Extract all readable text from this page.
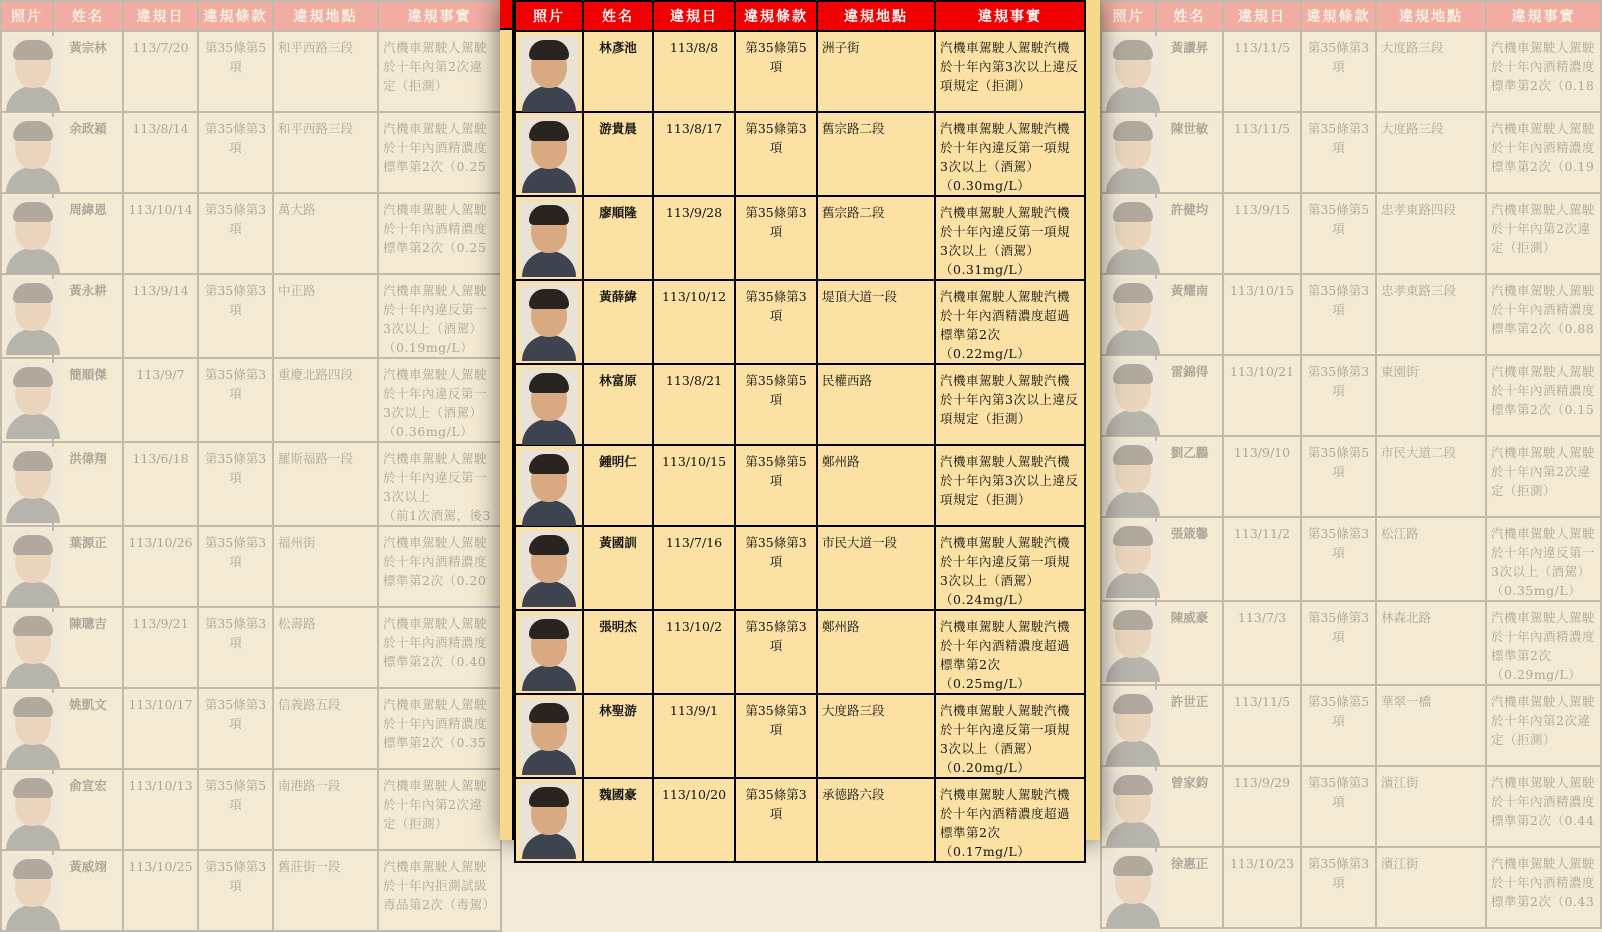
照片	姓名	違規日	違規條款	違規地點	違規事實

	黃宗林	113/7/20	第35條第5項	和平西路三段	汽機車駕駛人駕駛
於十年內第2次違
定（拒測）

	余政潁	113/8/14	第35條第3項	和平西路三段	汽機車駕駛人駕駛
於十年內酒精濃度
標準第2次（0.25

	周緯恩	113/10/14	第35條第3項	萬大路	汽機車駕駛人駕駛
於十年內酒精濃度
標準第2次（0.25

	黃永耕	113/9/14	第35條第3項	中正路	汽機車駕駛人駕駛
於十年內違反第一
3次以上（酒駕）
（0.19mg/L）

	簡順傑	113/9/7	第35條第3項	重慶北路四段	汽機車駕駛人駕駛
於十年內違反第一
3次以上（酒駕）
（0.36mg/L）

	洪偉翔	113/6/18	第35條第3項	羅斯福路一段	汽機車駕駛人駕駛
於十年內違反第一
3次以上
（前1次酒駕，後3

	葉源正	113/10/26	第35條第3項	福州街	汽機車駕駛人駕駛
於十年內酒精濃度
標準第2次（0.20

	陳聰吉	113/9/21	第35條第3項	松壽路	汽機車駕駛人駕駛
於十年內酒精濃度
標準第2次（0.40

	姚凱文	113/10/17	第35條第3項	信義路五段	汽機車駕駛人駕駛
於十年內酒精濃度
標準第2次（0.35

	俞宣宏	113/10/13	第35條第5項	南港路一段	汽機車駕駛人駕駛
於十年內第2次違
定（拒測）

	黃威翊	113/10/25	第35條第3項	舊莊街一段	汽機車駕駛人駕駛
於十年內拒測試級
毒品第2次（毒駕）
照片	姓名	違規日	違規條款	違規地點	違規事實

	林彥池	113/8/8	第35條第5項	洲子街	汽機車駕駛人駕駛汽機
於十年內第3次以上違反
項規定（拒測）

	游貴晨	113/8/17	第35條第3項	舊宗路二段	汽機車駕駛人駕駛汽機
於十年內違反第一項規
3次以上（酒駕）
（0.30mg/L）

	廖順隆	113/9/28	第35條第3項	舊宗路二段	汽機車駕駛人駕駛汽機
於十年內違反第一項規
3次以上（酒駕）
（0.31mg/L）

	黃薛緯	113/10/12	第35條第3項	堤頂大道一段	汽機車駕駛人駕駛汽機
於十年內酒精濃度超過
標準第2次（0.22mg/L）

	林富原	113/8/21	第35條第5項	民權西路	汽機車駕駛人駕駛汽機
於十年內第3次以上違反
項規定（拒測）

	鍾明仁	113/10/15	第35條第5項	鄭州路	汽機車駕駛人駕駛汽機
於十年內第3次以上違反
項規定（拒測）

	黃國訓	113/7/16	第35條第3項	市民大道一段	汽機車駕駛人駕駛汽機
於十年內違反第一項規
3次以上（酒駕）
（0.24mg/L）

	張明杰	113/10/2	第35條第3項	鄭州路	汽機車駕駛人駕駛汽機
於十年內酒精濃度超過
標準第2次（0.25mg/L）

	林聖游	113/9/1	第35條第3項	大度路三段	汽機車駕駛人駕駛汽機
於十年內違反第一項規
3次以上（酒駕）
（0.20mg/L）

	魏國豪	113/10/20	第35條第3項	承德路六段	汽機車駕駛人駕駛汽機
於十年內酒精濃度超過
標準第2次（0.17mg/L）
照片	姓名	違規日	違規條款	違規地點	違規事實

	黃讚昇	113/11/5	第35條第3項	大度路三段	汽機車駕駛人駕駛
於十年內酒精濃度
標準第2次（0.18

	陳世敏	113/11/5	第35條第3項	大度路三段	汽機車駕駛人駕駛
於十年內酒精濃度
標準第2次（0.19

	許健均	113/9/15	第35條第5項	忠孝東路四段	汽機車駕駛人駕駛
於十年內第2次違
定（拒測）

	黃耀南	113/10/15	第35條第3項	忠孝東路三段	汽機車駕駛人駕駛
於十年內酒精濃度
標準第2次（0.88

	雷錦得	113/10/21	第35條第3項	東園街	汽機車駕駛人駕駛
於十年內酒精濃度
標準第2次（0.15

	劉乙鵬	113/9/10	第35條第5項	市民大道二段	汽機車駕駛人駕駛
於十年內第2次違
定（拒測）

	張箴馨	113/11/2	第35條第3項	松江路	汽機車駕駛人駕駛
於十年內違反第一
3次以上（酒駕）
（0.35mg/L）

	陳威豪	113/7/3	第35條第3項	林森北路	汽機車駕駛人駕駛
於十年內酒精濃度
標準第2次
（0.29mg/L）

	許世正	113/11/5	第35條第5項	華翠一橋	汽機車駕駛人駕駛
於十年內第2次違
定（拒測）

	曾家鈞	113/9/29	第35條第3項	濱江街	汽機車駕駛人駕駛
於十年內酒精濃度
標準第2次（0.44

	徐惠正	113/10/23	第35條第3項	濱江街	汽機車駕駛人駕駛
於十年內酒精濃度
標準第2次（0.43
